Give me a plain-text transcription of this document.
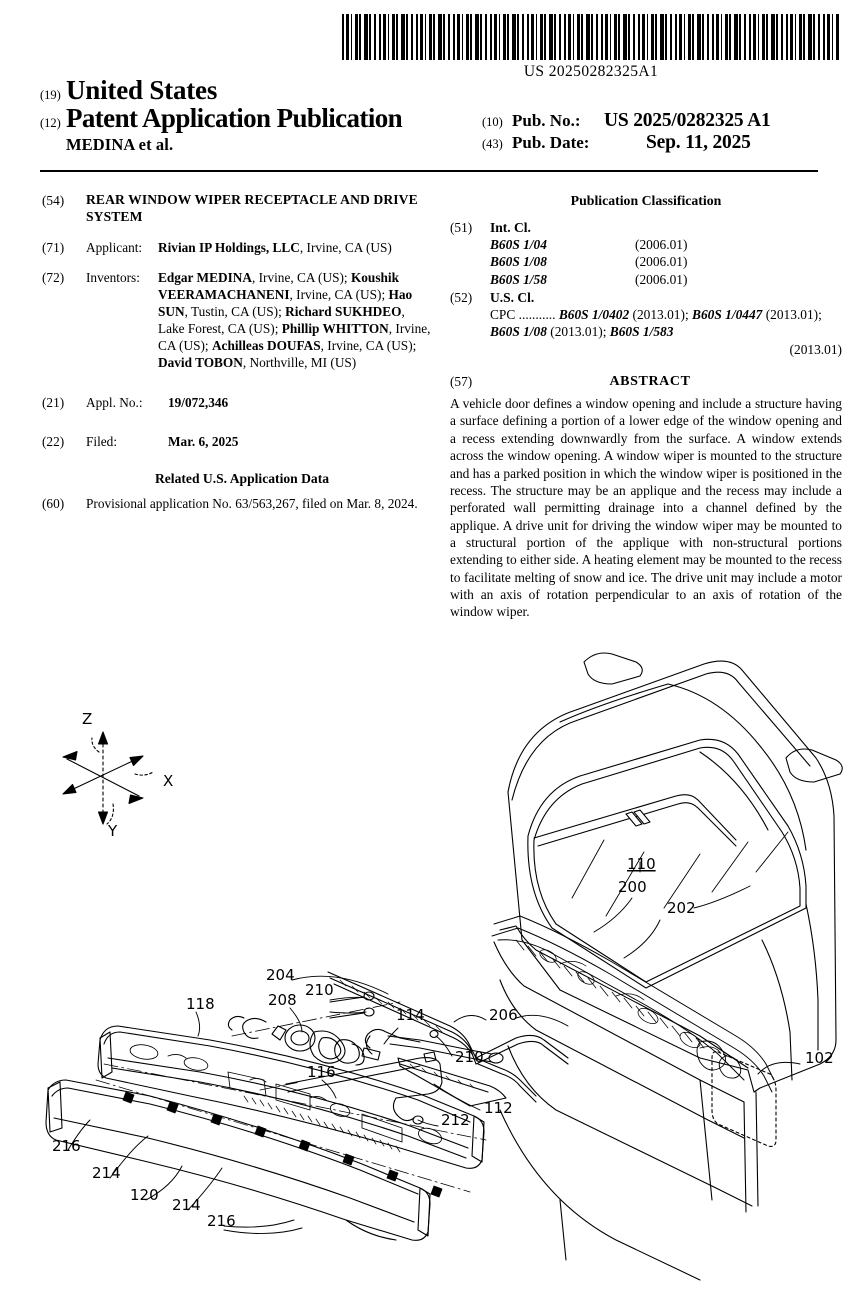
US 20250282325A1
(19) United States
(12) Patent Application Publication
MEDINA et al.
(10) Pub. No.:	US 2025/0282325 A1
(43) Pub. Date:	Sep. 11, 2025
(54)	REAR WINDOW WIPER RECEPTACLE AND DRIVE SYSTEM
(71)	Applicant:	Rivian IP Holdings, LLC, Irvine, CA (US)
(72)	Inventors:	Edgar MEDINA, Irvine, CA (US); Koushik VEERAMACHANENI, Irvine, CA (US); Hao SUN, Tustin, CA (US); Richard SUKHDEO, Lake Forest, CA (US); Phillip WHITTON, Irvine, CA (US); Achilleas DOUFAS, Irvine, CA (US); David TOBON, Northville, MI (US)
(21)	Appl. No.:	19/072,346
(22)	Filed:	Mar. 6, 2025
Related U.S. Application Data
(60)	Provisional application No. 63/563,267, filed on Mar. 8, 2024.
Publication Classification
(51)	Int. Cl.
B60S 1/04	(2006.01)
B60S 1/08	(2006.01)
B60S 1/58	(2006.01)
(52)	U.S. Cl.
CPC ........... B60S 1/0402 (2013.01); B60S 1/0447 (2013.01); B60S 1/08 (2013.01); B60S 1/583
(2013.01)
(57)	ABSTRACT
A vehicle door defines a window opening and include a structure having a surface defining a portion of a lower edge of the window opening and a recess extending downwardly from the surface. A window extends across the window opening. A window wiper is mounted to the structure and has a parked position in which the window wiper is positioned in the recess. The structure may be an applique and the recess may include a perforated wall permitting drainage into a channel defined by the applique. A drive unit for driving the window wiper may be mounted to a structural portion of the applique with non-structural portions extending to either side. A heating element may be mounted to the recess to facilitate melting of snow and ice. The drive unit may include a motor with an axis of rotation perpendicular to an axis of rotation of the window wiper.
110
200
202
102
206
204
208
210
210
114
116
112
212
118
216
214
120
214
216
Z
X
Y
